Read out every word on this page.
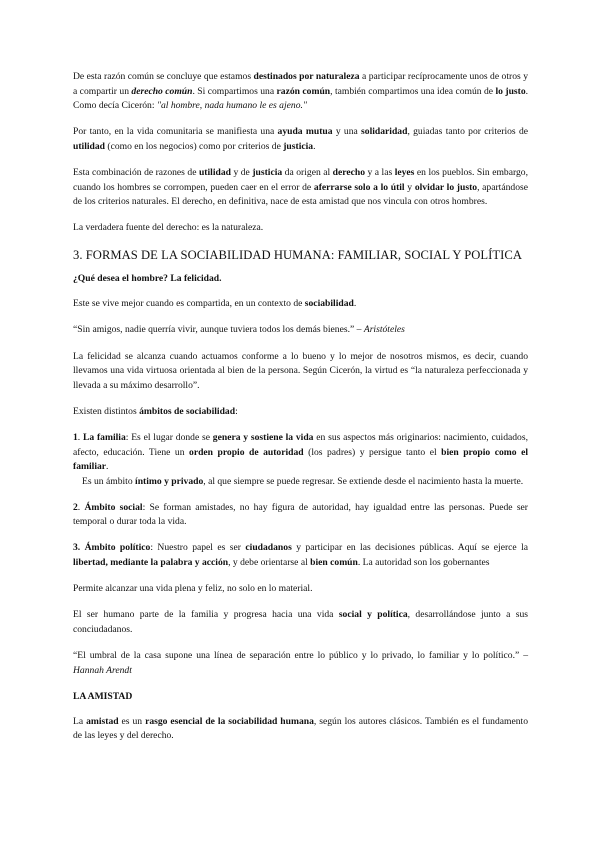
De esta razón común se concluye que estamos destinados por naturaleza a participar recíprocamente unos de otros y a compartir un derecho común. Si compartimos una razón común, también compartimos una idea común de lo justo. Como decía Cicerón: "al hombre, nada humano le es ajeno."

Por tanto, en la vida comunitaria se manifiesta una ayuda mutua y una solidaridad, guiadas tanto por criterios de utilidad (como en los negocios) como por criterios de justicia.

Esta combinación de razones de utilidad y de justicia da origen al derecho y a las leyes en los pueblos. Sin embargo, cuando los hombres se corrompen, pueden caer en el error de aferrarse solo a lo útil y olvidar lo justo, apartándose de los criterios naturales. El derecho, en definitiva, nace de esta amistad que nos vincula con otros hombres.

La verdadera fuente del derecho: es la naturaleza.

3. FORMAS DE LA SOCIABILIDAD HUMANA: FAMILIAR, SOCIAL Y POLÍTICA
¿Qué desea el hombre? La felicidad.

Este se vive mejor cuando es compartida, en un contexto de sociabilidad.

“Sin amigos, nadie querría vivir, aunque tuviera todos los demás bienes.” – Aristóteles

La felicidad se alcanza cuando actuamos conforme a lo bueno y lo mejor de nosotros mismos, es decir, cuando llevamos una vida virtuosa orientada al bien de la persona. Según Cicerón, la virtud es “la naturaleza perfeccionada y llevada a su máximo desarrollo”.

Existen distintos ámbitos de sociabilidad:

1. La familia: Es el lugar donde se genera y sostiene la vida en sus aspectos más originarios: nacimiento, cuidados, afecto, educación. Tiene un orden propio de autoridad (los padres) y persigue tanto el bien propio como el familiar.

Es un ámbito íntimo y privado, al que siempre se puede regresar. Se extiende desde el nacimiento hasta la muerte.

2. Ámbito social: Se forman amistades, no hay figura de autoridad, hay igualdad entre las personas. Puede ser temporal o durar toda la vida.

3. Ámbito político: Nuestro papel es ser ciudadanos y participar en las decisiones públicas. Aquí se ejerce la libertad, mediante la palabra y acción, y debe orientarse al bien común. La autoridad son los gobernantes

Permite alcanzar una vida plena y feliz, no solo en lo material.

El ser humano parte de la familia y progresa hacia una vida social y política, desarrollándose junto a sus conciudadanos.

“El umbral de la casa supone una línea de separación entre lo público y lo privado, lo familiar y lo político.” – Hannah Arendt

LA AMISTAD

La amistad es un rasgo esencial de la sociabilidad humana, según los autores clásicos. También es el fundamento de las leyes y del derecho.
